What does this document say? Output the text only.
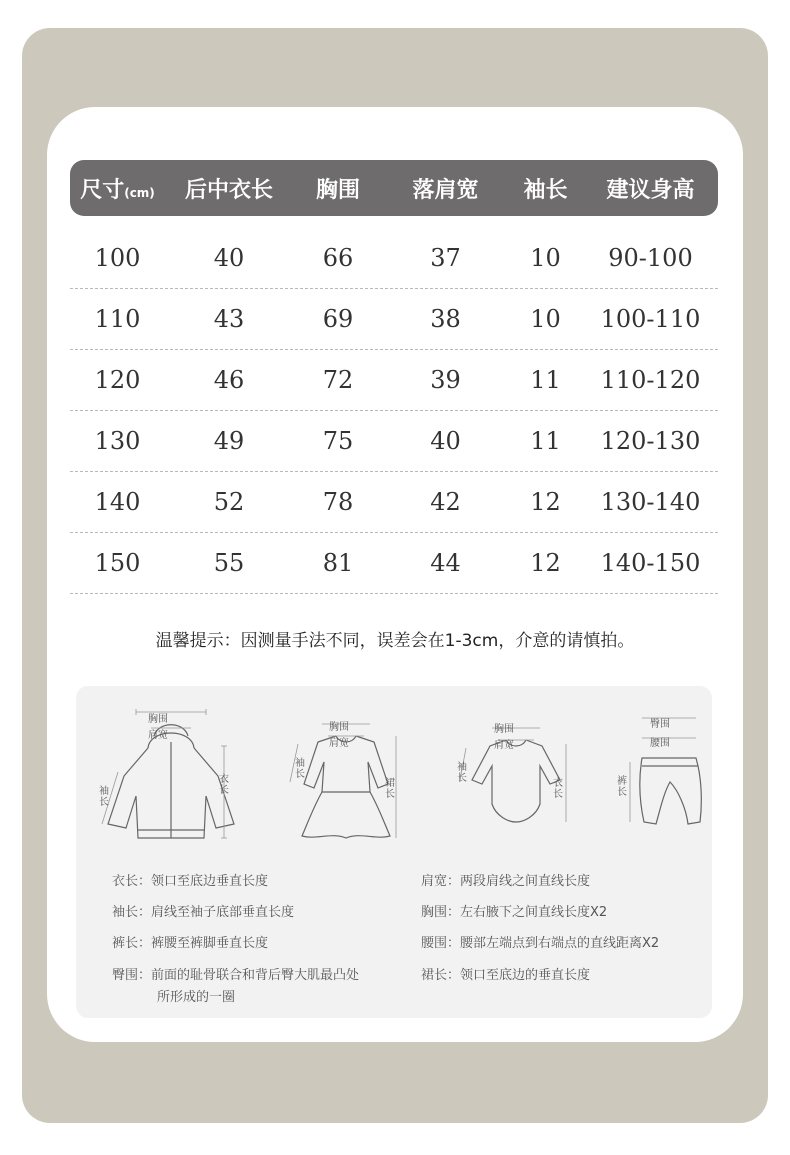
尺寸(cm)	后中衣长	胸围	落肩宽	袖长	建议身高
100	40	66	37	10	90-100
110	43	69	38	10	100-110
120	46	72	39	11	110-120
130	49	75	40	11	120-130
140	52	78	42	12	130-140
150	55	81	44	12	140-150
温馨提示：因测量手法不同，误差会在1-3cm，介意的请慎拍。
胸围
肩宽
衣长
袖长
胸围
肩宽
裙长
袖长
胸围
肩宽
衣长
袖长
臀围
腰围
裤长
衣长：领口至底边垂直长度
袖长：肩线至袖子底部垂直长度
裤长：裤腰至裤脚垂直长度
臀围：前面的耻骨联合和背后臀大肌最凸处
所形成的一圈
肩宽：两段肩线之间直线长度
胸围：左右腋下之间直线长度X2
腰围：腰部左端点到右端点的直线距离X2
裙长：领口至底边的垂直长度
